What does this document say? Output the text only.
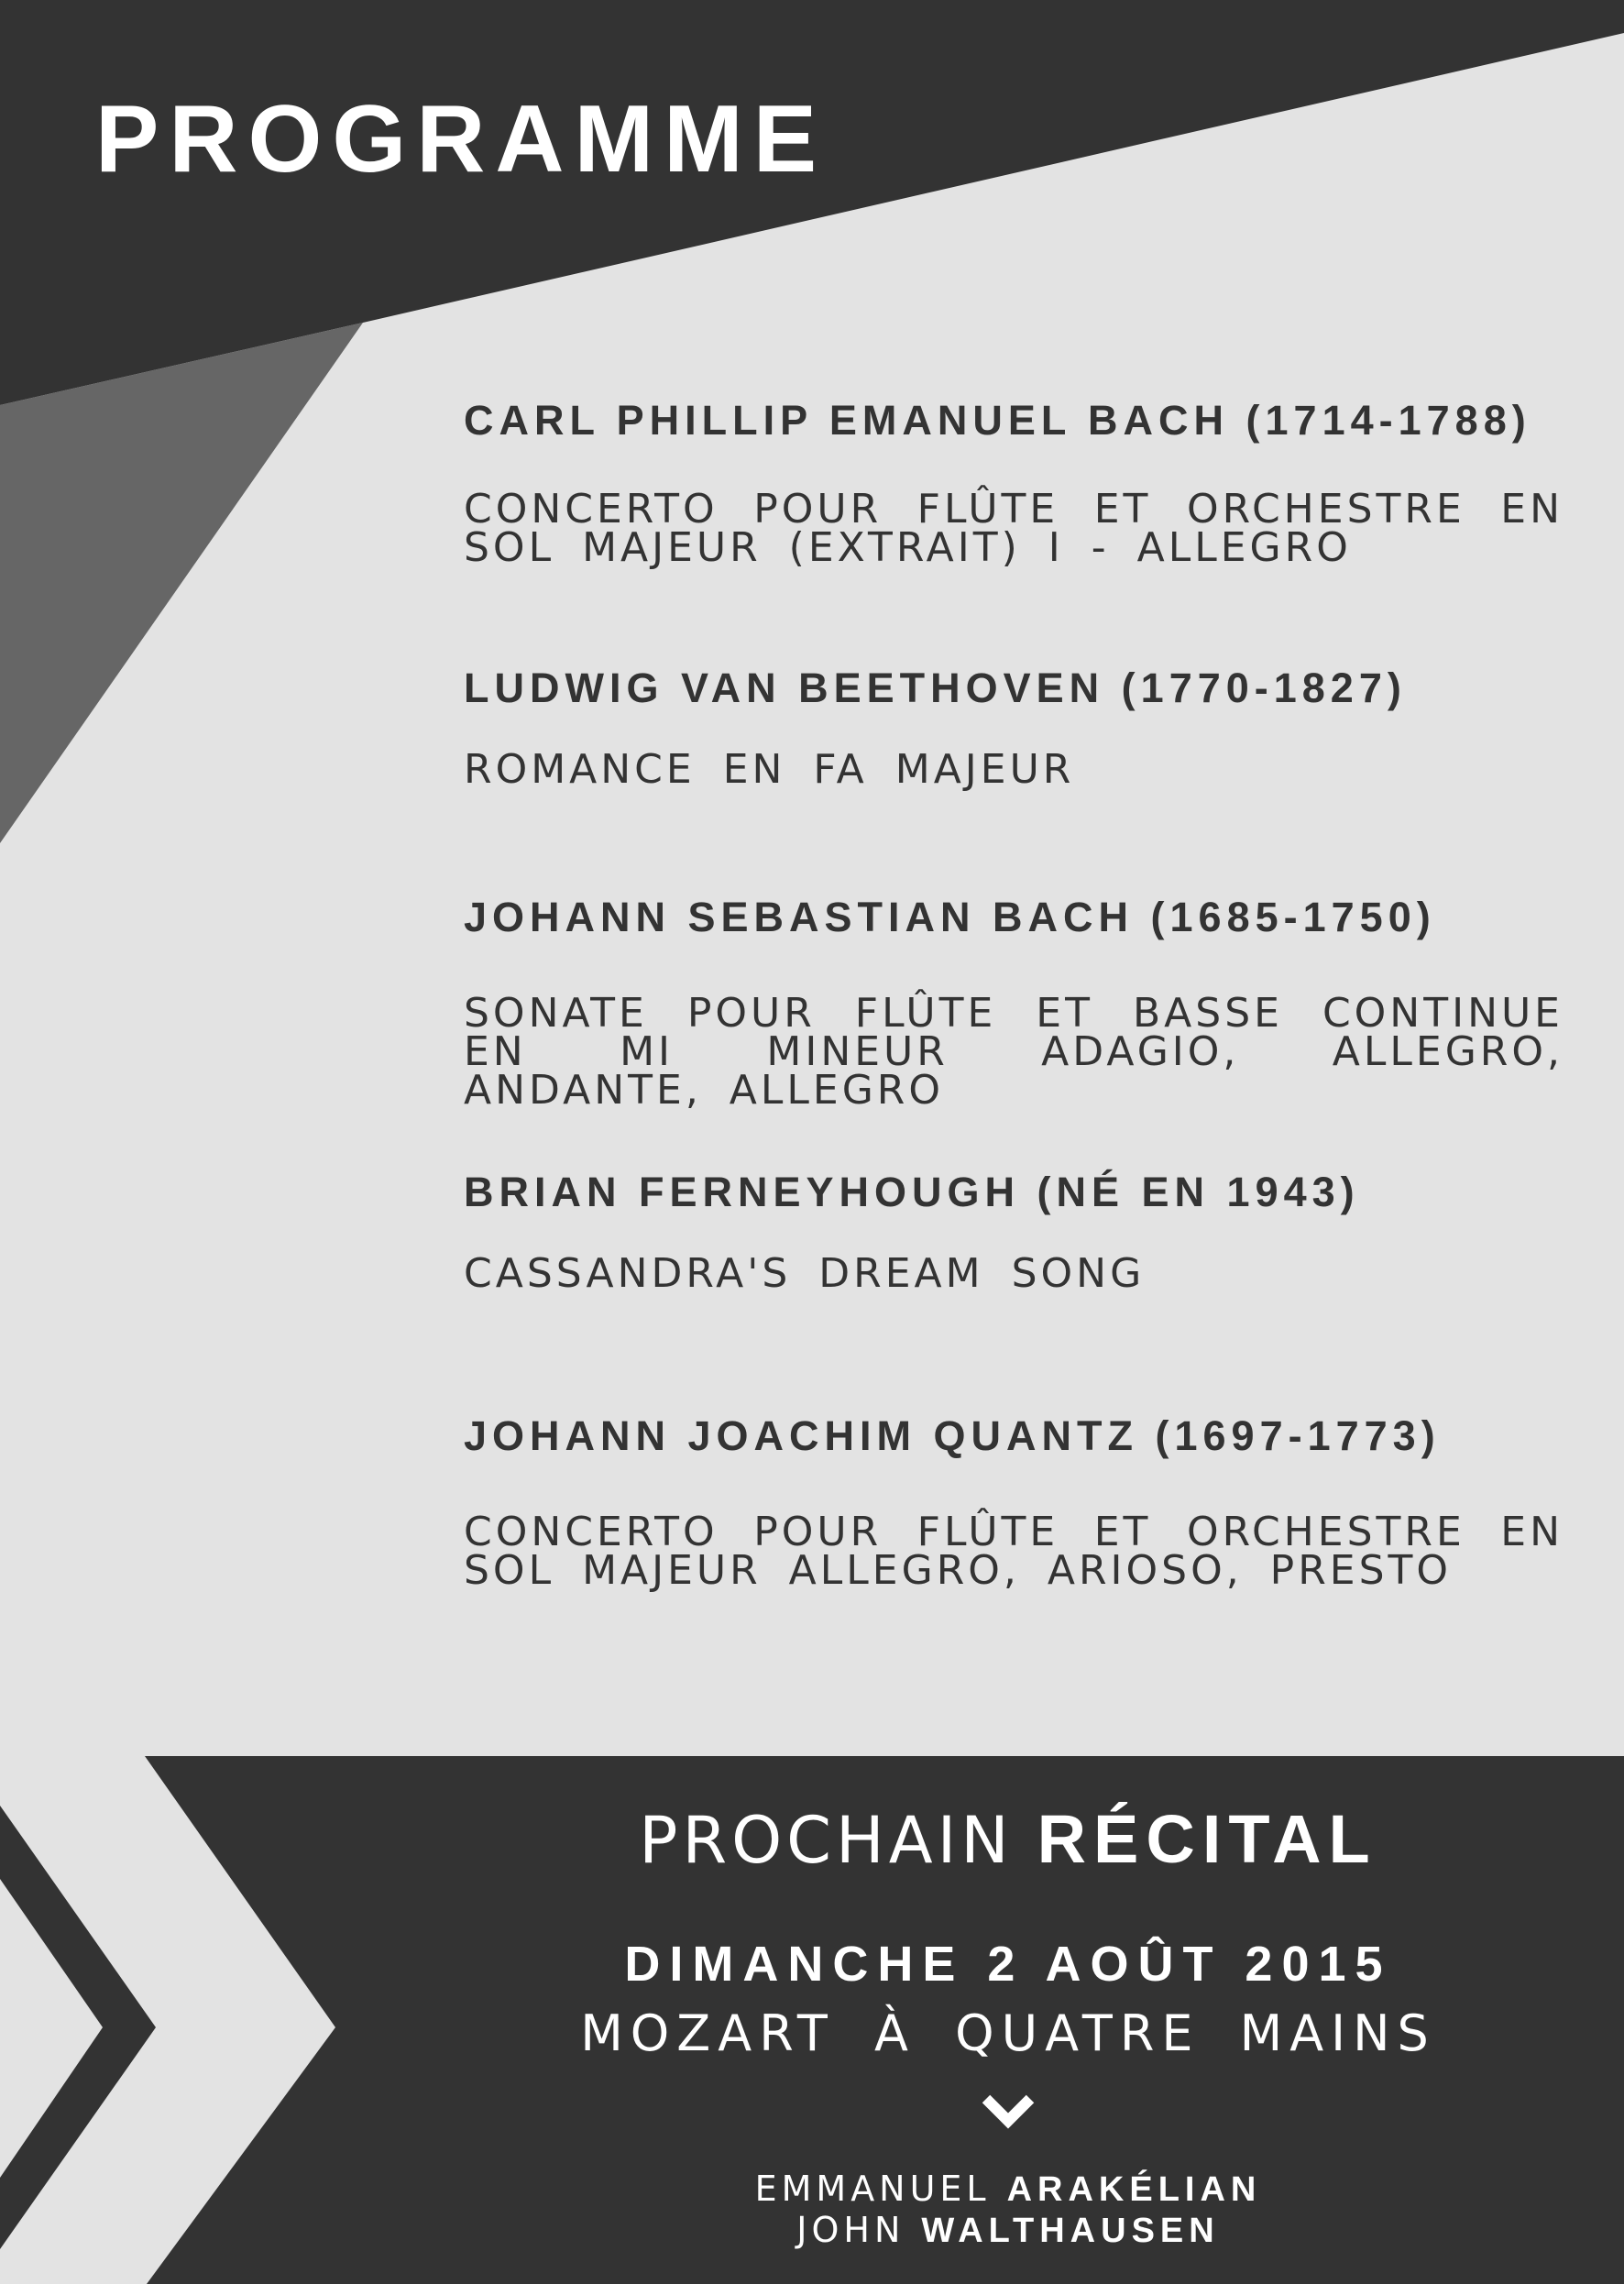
PROGRAMME
CARL PHILLIP EMANUEL BACH (1714-1788)

CONCERTO POUR FLÛTE ET ORCHESTRE EN SOL MAJEUR (EXTRAIT) I - ALLEGRO

LUDWIG VAN BEETHOVEN (1770-1827)

ROMANCE EN FA MAJEUR

JOHANN SEBASTIAN BACH (1685-1750)

SONATE POUR FLÛTE ET BASSE CONTINUE EN MI MINEUR ADAGIO, ALLEGRO, ANDANTE, ALLEGRO

BRIAN FERNEYHOUGH (NÉ EN 1943)

CASSANDRA'S DREAM SONG

JOHANN JOACHIM QUANTZ (1697-1773)

CONCERTO POUR FLÛTE ET ORCHESTRE EN SOL MAJEUR ALLEGRO, ARIOSO, PRESTO

PROCHAIN RÉCITAL

DIMANCHE 2 AOÛT 2015

MOZART À QUATRE MAINS

EMMANUEL ARAKÉLIAN

JOHN WALTHAUSEN
